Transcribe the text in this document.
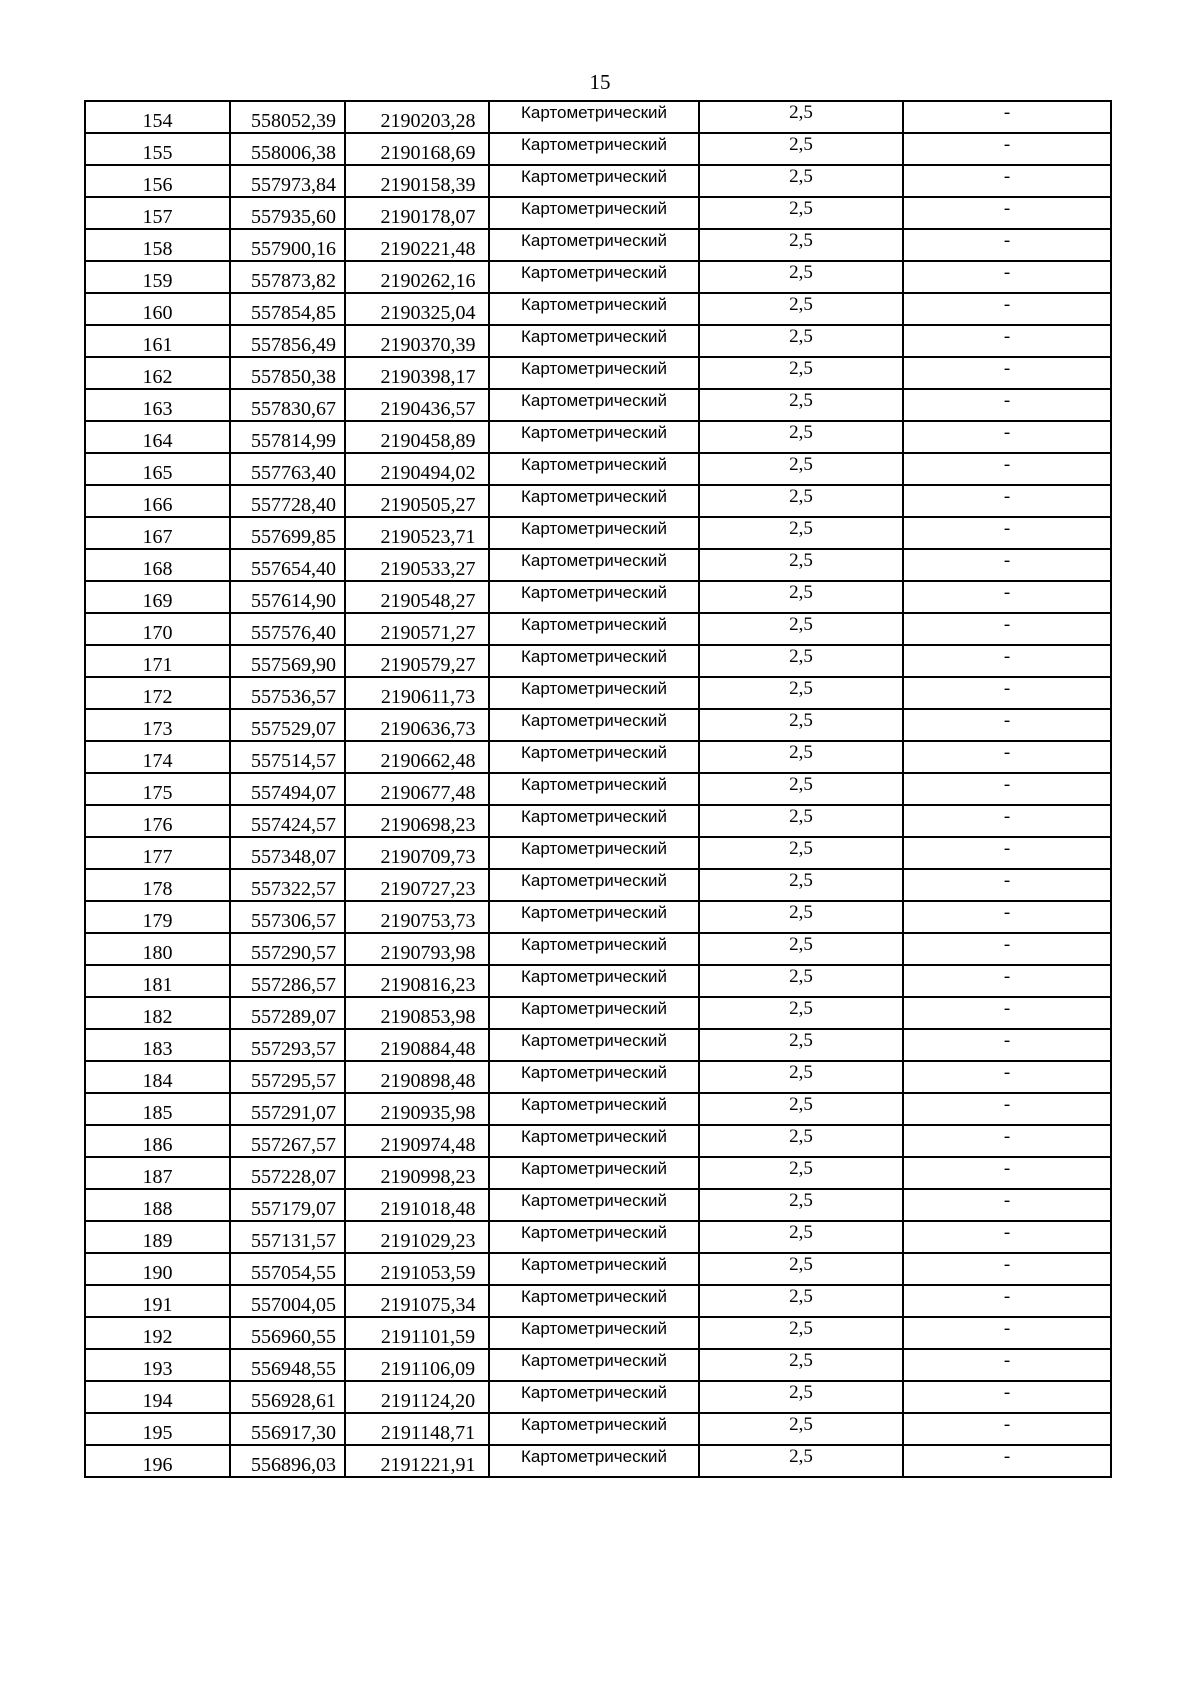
15
154	558052,39	2190203,28	Картометрический	2,5	-
155	558006,38	2190168,69	Картометрический	2,5	-
156	557973,84	2190158,39	Картометрический	2,5	-
157	557935,60	2190178,07	Картометрический	2,5	-
158	557900,16	2190221,48	Картометрический	2,5	-
159	557873,82	2190262,16	Картометрический	2,5	-
160	557854,85	2190325,04	Картометрический	2,5	-
161	557856,49	2190370,39	Картометрический	2,5	-
162	557850,38	2190398,17	Картометрический	2,5	-
163	557830,67	2190436,57	Картометрический	2,5	-
164	557814,99	2190458,89	Картометрический	2,5	-
165	557763,40	2190494,02	Картометрический	2,5	-
166	557728,40	2190505,27	Картометрический	2,5	-
167	557699,85	2190523,71	Картометрический	2,5	-
168	557654,40	2190533,27	Картометрический	2,5	-
169	557614,90	2190548,27	Картометрический	2,5	-
170	557576,40	2190571,27	Картометрический	2,5	-
171	557569,90	2190579,27	Картометрический	2,5	-
172	557536,57	2190611,73	Картометрический	2,5	-
173	557529,07	2190636,73	Картометрический	2,5	-
174	557514,57	2190662,48	Картометрический	2,5	-
175	557494,07	2190677,48	Картометрический	2,5	-
176	557424,57	2190698,23	Картометрический	2,5	-
177	557348,07	2190709,73	Картометрический	2,5	-
178	557322,57	2190727,23	Картометрический	2,5	-
179	557306,57	2190753,73	Картометрический	2,5	-
180	557290,57	2190793,98	Картометрический	2,5	-
181	557286,57	2190816,23	Картометрический	2,5	-
182	557289,07	2190853,98	Картометрический	2,5	-
183	557293,57	2190884,48	Картометрический	2,5	-
184	557295,57	2190898,48	Картометрический	2,5	-
185	557291,07	2190935,98	Картометрический	2,5	-
186	557267,57	2190974,48	Картометрический	2,5	-
187	557228,07	2190998,23	Картометрический	2,5	-
188	557179,07	2191018,48	Картометрический	2,5	-
189	557131,57	2191029,23	Картометрический	2,5	-
190	557054,55	2191053,59	Картометрический	2,5	-
191	557004,05	2191075,34	Картометрический	2,5	-
192	556960,55	2191101,59	Картометрический	2,5	-
193	556948,55	2191106,09	Картометрический	2,5	-
194	556928,61	2191124,20	Картометрический	2,5	-
195	556917,30	2191148,71	Картометрический	2,5	-
196	556896,03	2191221,91	Картометрический	2,5	-
